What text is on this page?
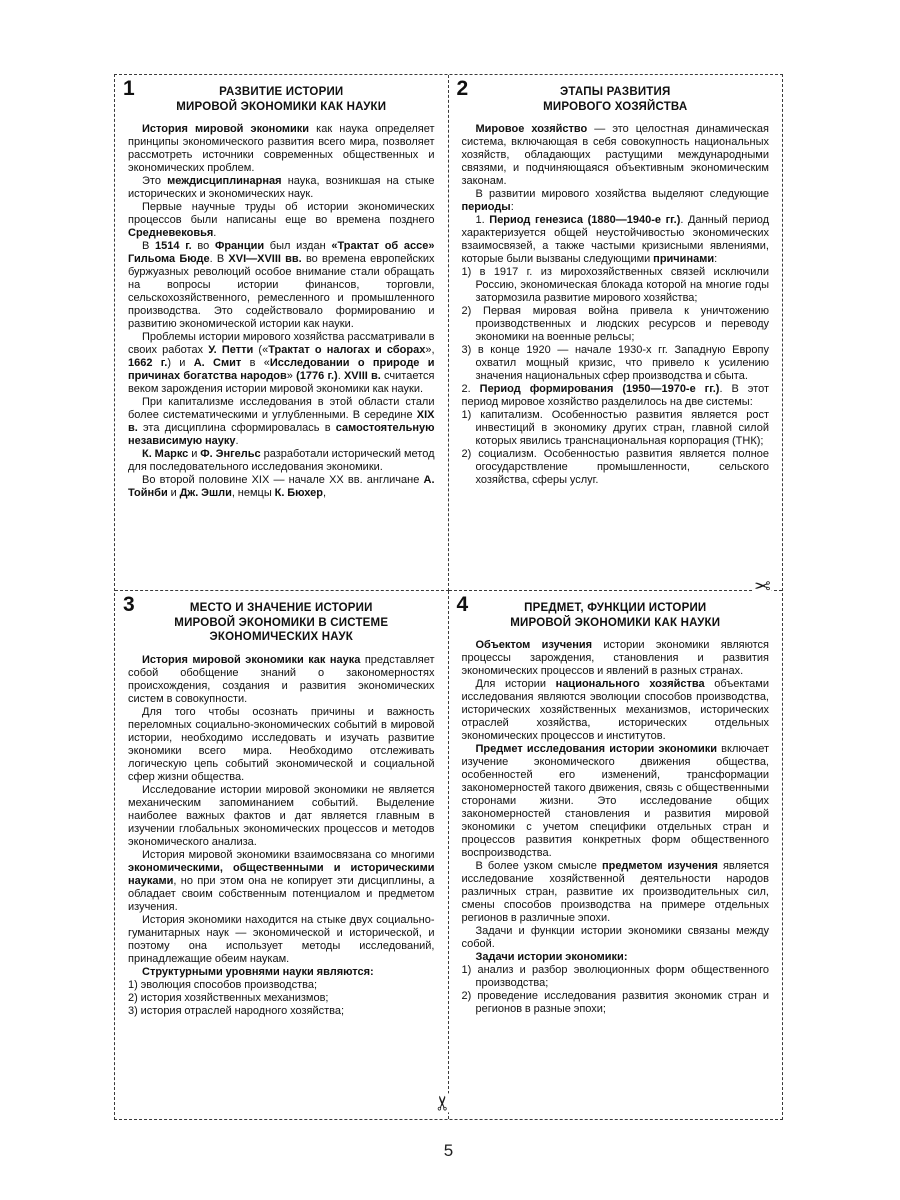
1	РАЗВИТИЕ ИСТОРИИ
МИРОВОЙ ЭКОНОМИКИ КАК НАУКИ
История мировой экономики как наука определяет принципы экономического развития всего мира, позволяет рассмотреть источники современных общественных и экономических проблем.
Это междисциплинарная наука, возникшая на стыке исторических и экономических наук.
Первые научные труды об истории экономических процессов были написаны еще во времена позднего Средневековья.
В 1514 г. во Франции был издан «Трактат об ассе» Гильома Бюде. В XVI—XVIII вв. во времена европейских буржуазных революций особое внимание стали обращать на вопросы истории финансов, торговли, сельскохозяйственного, ремесленного и промышленного производства. Это содействовало формированию и развитию экономической истории как науки.
Проблемы истории мирового хозяйства рассматривали в своих работах У. Петти («Трактат о налогах и сборах», 1662 г.) и А. Смит в «Исследовании о природе и причинах богатства народов» (1776 г.). XVIII в. считается веком зарождения истории мировой экономики как науки.
При капитализме исследования в этой области стали более систематическими и углубленными. В середине XIX в. эта дисциплина сформировалась в самостоятельную независимую науку.
К. Маркс и Ф. Энгельс разработали исторический метод для последовательного исследования экономики.
Во второй половине XIX — начале XX вв. англичане А. Тойнби и Дж. Эшли, немцы К. Бюхер,
2	ЭТАПЫ РАЗВИТИЯ
МИРОВОГО ХОЗЯЙСТВА
Мировое хозяйство — это целостная динамическая система, включающая в себя совокупность национальных хозяйств, обладающих растущими международными связями, и подчиняющаяся объективным экономическим законам.
В развитии мирового хозяйства выделяют следующие периоды:
1. Период генезиса (1880—1940-е гг.). Данный период характеризуется общей неустойчивостью экономических взаимосвязей, а также частыми кризисными явлениями, которые были вызваны следующими причинами:
1) в 1917 г. из мирохозяйственных связей исключили Россию, экономическая блокада которой на многие годы затормозила развитие мирового хозяйства;
2) Первая мировая война привела к уничтожению производственных и людских ресурсов и переводу экономики на военные рельсы;
3) в конце 1920 — начале 1930-х гг. Западную Европу охватил мощный кризис, что привело к усилению значения национальных сфер производства и сбыта.
2. Период формирования (1950—1970-е гг.). В этот период мировое хозяйство разделилось на две системы:
1) капитализм. Особенностью развития является рост инвестиций в экономику других стран, главной силой которых явились транснациональная корпорация (ТНК);
2) социализм. Особенностью развития является полное огосударствление промышленности, сельского хозяйства, сферы услуг.
3	МЕСТО И ЗНАЧЕНИЕ ИСТОРИИ
МИРОВОЙ ЭКОНОМИКИ В СИСТЕМЕ
ЭКОНОМИЧЕСКИХ НАУК
История мировой экономики как наука представляет собой обобщение знаний о закономерностях происхождения, создания и развития экономических систем в совокупности.
Для того чтобы осознать причины и важность переломных социально-экономических событий в мировой истории, необходимо исследовать и изучать развитие экономики всего мира. Необходимо отслеживать логическую цепь событий экономической и социальной сфер жизни общества.
Исследование истории мировой экономики не является механическим запоминанием событий. Выделение наиболее важных фактов и дат является главным в изучении глобальных экономических процессов и методов экономического анализа.
История мировой экономики взаимосвязана со многими экономическими, общественными и историческими науками, но при этом она не копирует эти дисциплины, а обладает своим собственным потенциалом и предметом изучения.
История экономики находится на стыке двух социально-гуманитарных наук — экономической и исторической, и поэтому она использует методы исследований, принадлежащие обеим наукам.
Структурными уровнями науки являются:
1) эволюция способов производства;
2) история хозяйственных механизмов;
3) история отраслей народного хозяйства;
4	ПРЕДМЕТ, ФУНКЦИИ ИСТОРИИ
МИРОВОЙ ЭКОНОМИКИ КАК НАУКИ
Объектом изучения истории экономики являются процессы зарождения, становления и развития экономических процессов и явлений в разных странах.
Для истории национального хозяйства объектами исследования являются эволюции способов производства, исторических хозяйственных механизмов, исторических отраслей хозяйства, исторических отдельных экономических процессов и институтов.
Предмет исследования истории экономики включает изучение экономического движения общества, особенностей его изменений, трансформации закономерностей такого движения, связь с общественными сторонами жизни. Это исследование общих закономерностей становления и развития мировой экономики с учетом специфики отдельных стран и процессов развития конкретных форм общественного воспроизводства.
В более узком смысле предметом изучения является исследование хозяйственной деятельности народов различных стран, развитие их производительных сил, смены способов производства на примере отдельных регионов в различные эпохи.
Задачи и функции истории экономики связаны между собой.
Задачи истории экономики:
1) анализ и разбор эволюционных форм общественного производства;
2) проведение исследования развития экономик стран и регионов в разные эпохи;
✂
✂
5
